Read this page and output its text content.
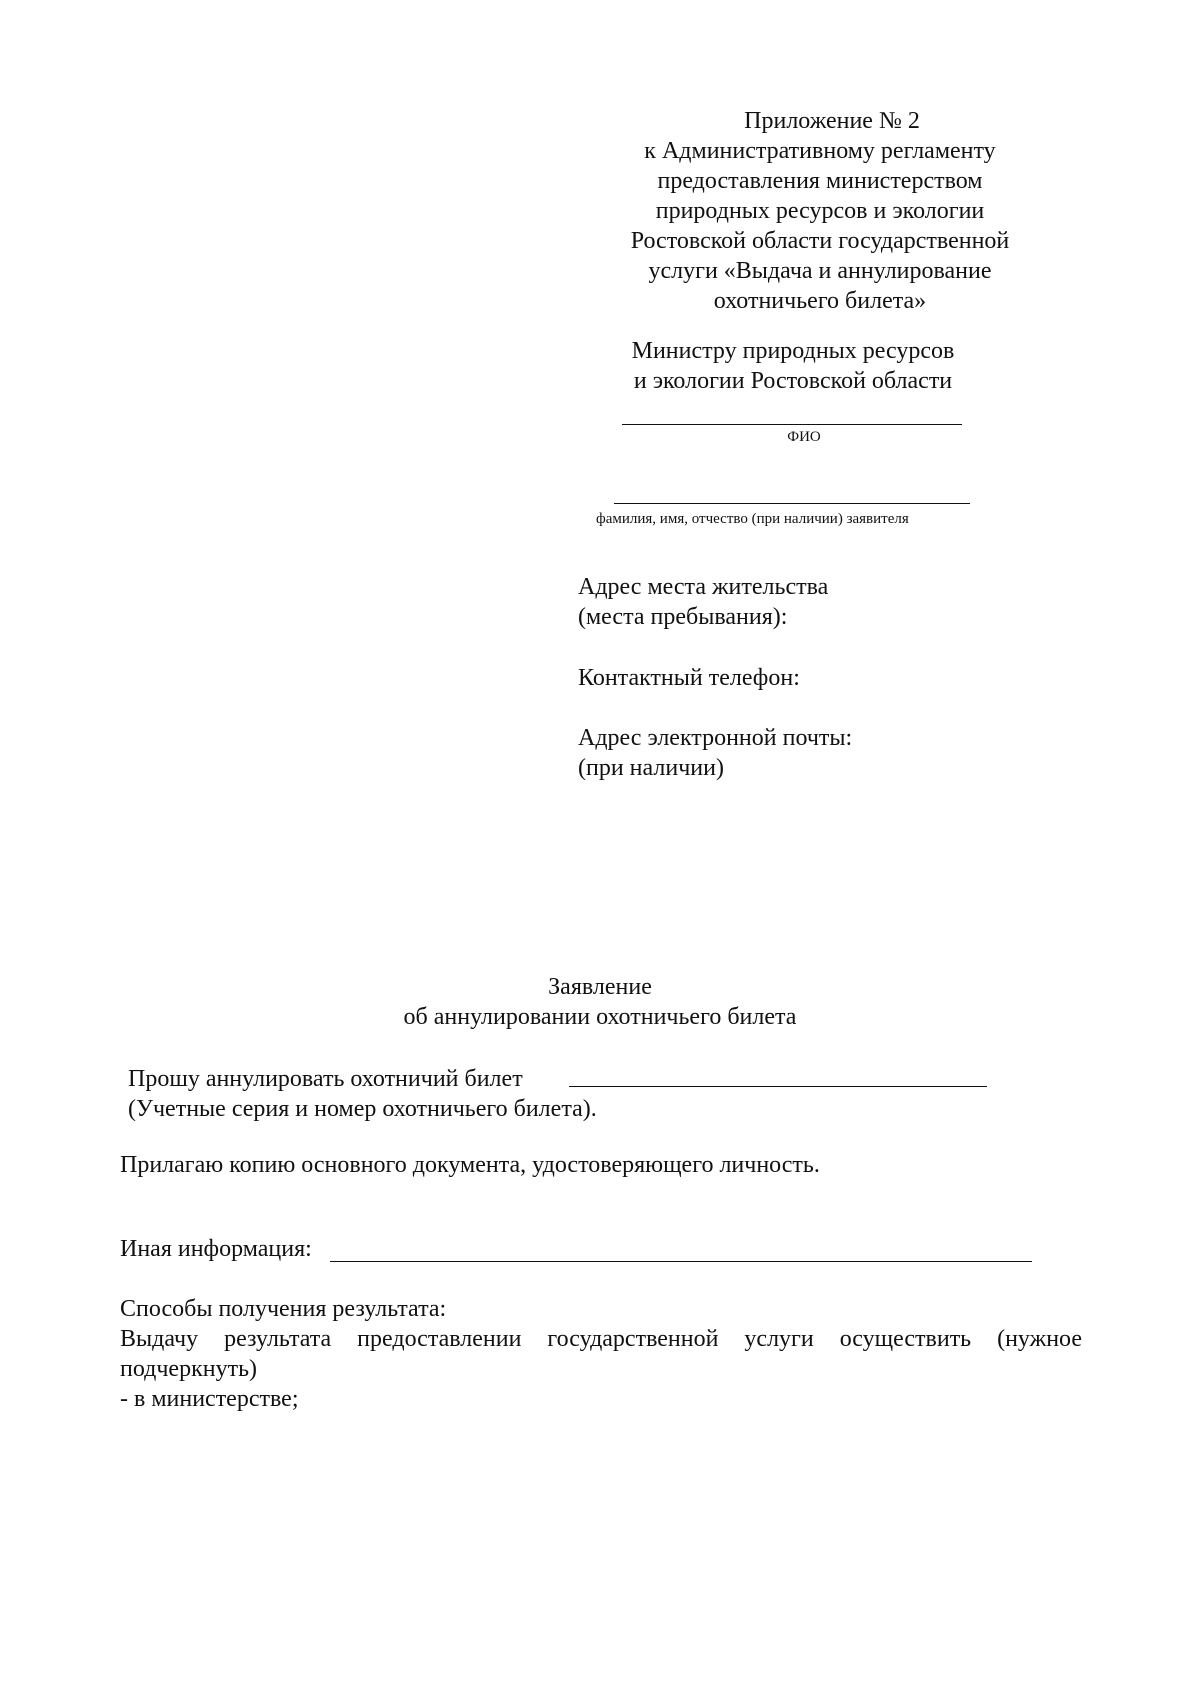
Приложение № 2
к Административному регламенту
предоставления министерством
природных ресурсов и экологии
Ростовской области государственной
услуги «Выдача и аннулирование
охотничьего билета»
Министру природных ресурсов
и экологии Ростовской области
ФИО
фамилия, имя, отчество (при наличии) заявителя
Адрес места жительства
(места пребывания):
Контактный телефон:
Адрес электронной почты:
(при наличии)
Заявление
об аннулировании охотничьего билета
Прошу аннулировать охотничий билет
(Учетные серия и номер охотничьего билета).
Прилагаю копию основного документа, удостоверяющего личность.
Иная информация:
Способы получения результата:
Выдачу результата предоставлении государственной услуги осуществить (нужное
подчеркнуть)
- в министерстве;
